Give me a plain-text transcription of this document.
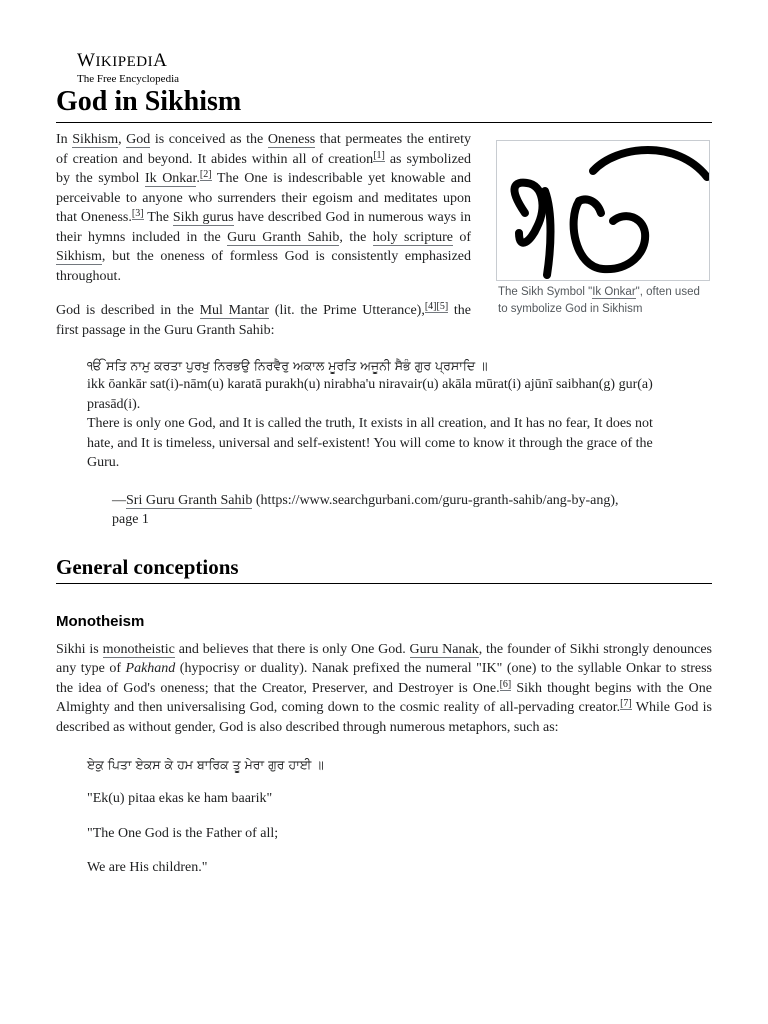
WIKIPEDIA
The Free Encyclopedia
God in Sikhism
The Sikh Symbol "Ik Onkar", often used to symbolize God in Sikhism

In Sikhism, God is conceived as the Oneness that permeates the entirety of creation and beyond. It abides within all of creation[1] as symbolized by the symbol Ik Onkar.[2] The One is indescribable yet knowable and perceivable to anyone who surrenders their egoism and meditates upon that Oneness.[3] The Sikh gurus have described God in numerous ways in their hymns included in the Guru Granth Sahib, the holy scripture of Sikhism, but the oneness of formless God is consistently emphasized throughout.

God is described in the Mul Mantar (lit. the Prime Utterance),[4][5] the first passage in the Guru Granth Sahib:

ੴ ਸਤਿ ਨਾਮੁ ਕਰਤਾ ਪੁਰਖੁ ਨਿਰਭਉ ਨਿਰਵੈਰੁ ਅਕਾਲ ਮੂਰਤਿ ਅਜੂਨੀ ਸੈਭੰ ਗੁਰ ਪ੍ਰਸਾਦਿ ॥

ikk ōankār sat(i)-nām(u) karatā purakh(u) nirabha'u niravair(u) akāla mūrat(i) ajūnī saibhan(g) gur(a) prasād(i).

There is only one God, and It is called the truth, It exists in all creation, and It has no fear, It does not hate, and It is timeless, universal and self-existent! You will come to know it through the grace of the Guru.

—Sri Guru Granth Sahib (https://www.searchgurbani.com/guru-granth-sahib/ang-by-ang),
page 1

General conceptions
Monotheism

Sikhi is monotheistic and believes that there is only One God. Guru Nanak, the founder of Sikhi strongly denounces any type of Pakhand (hypocrisy or duality). Nanak prefixed the numeral "IK" (one) to the syllable Onkar to stress the idea of God's oneness; that the Creator, Preserver, and Destroyer is One.[6] Sikh thought begins with the One Almighty and then universalising God, coming down to the cosmic reality of all-pervading creator.[7] While God is described as without gender, God is also described through numerous metaphors, such as:

ਏਕੁ ਪਿਤਾ ਏਕਸ ਕੇ ਹਮ ਬਾਰਿਕ ਤੂ ਮੇਰਾ ਗੁਰ ਹਾਈ ॥

"Ek(u) pitaa ekas ke ham baarik"

"The One God is the Father of all;

We are His children."
